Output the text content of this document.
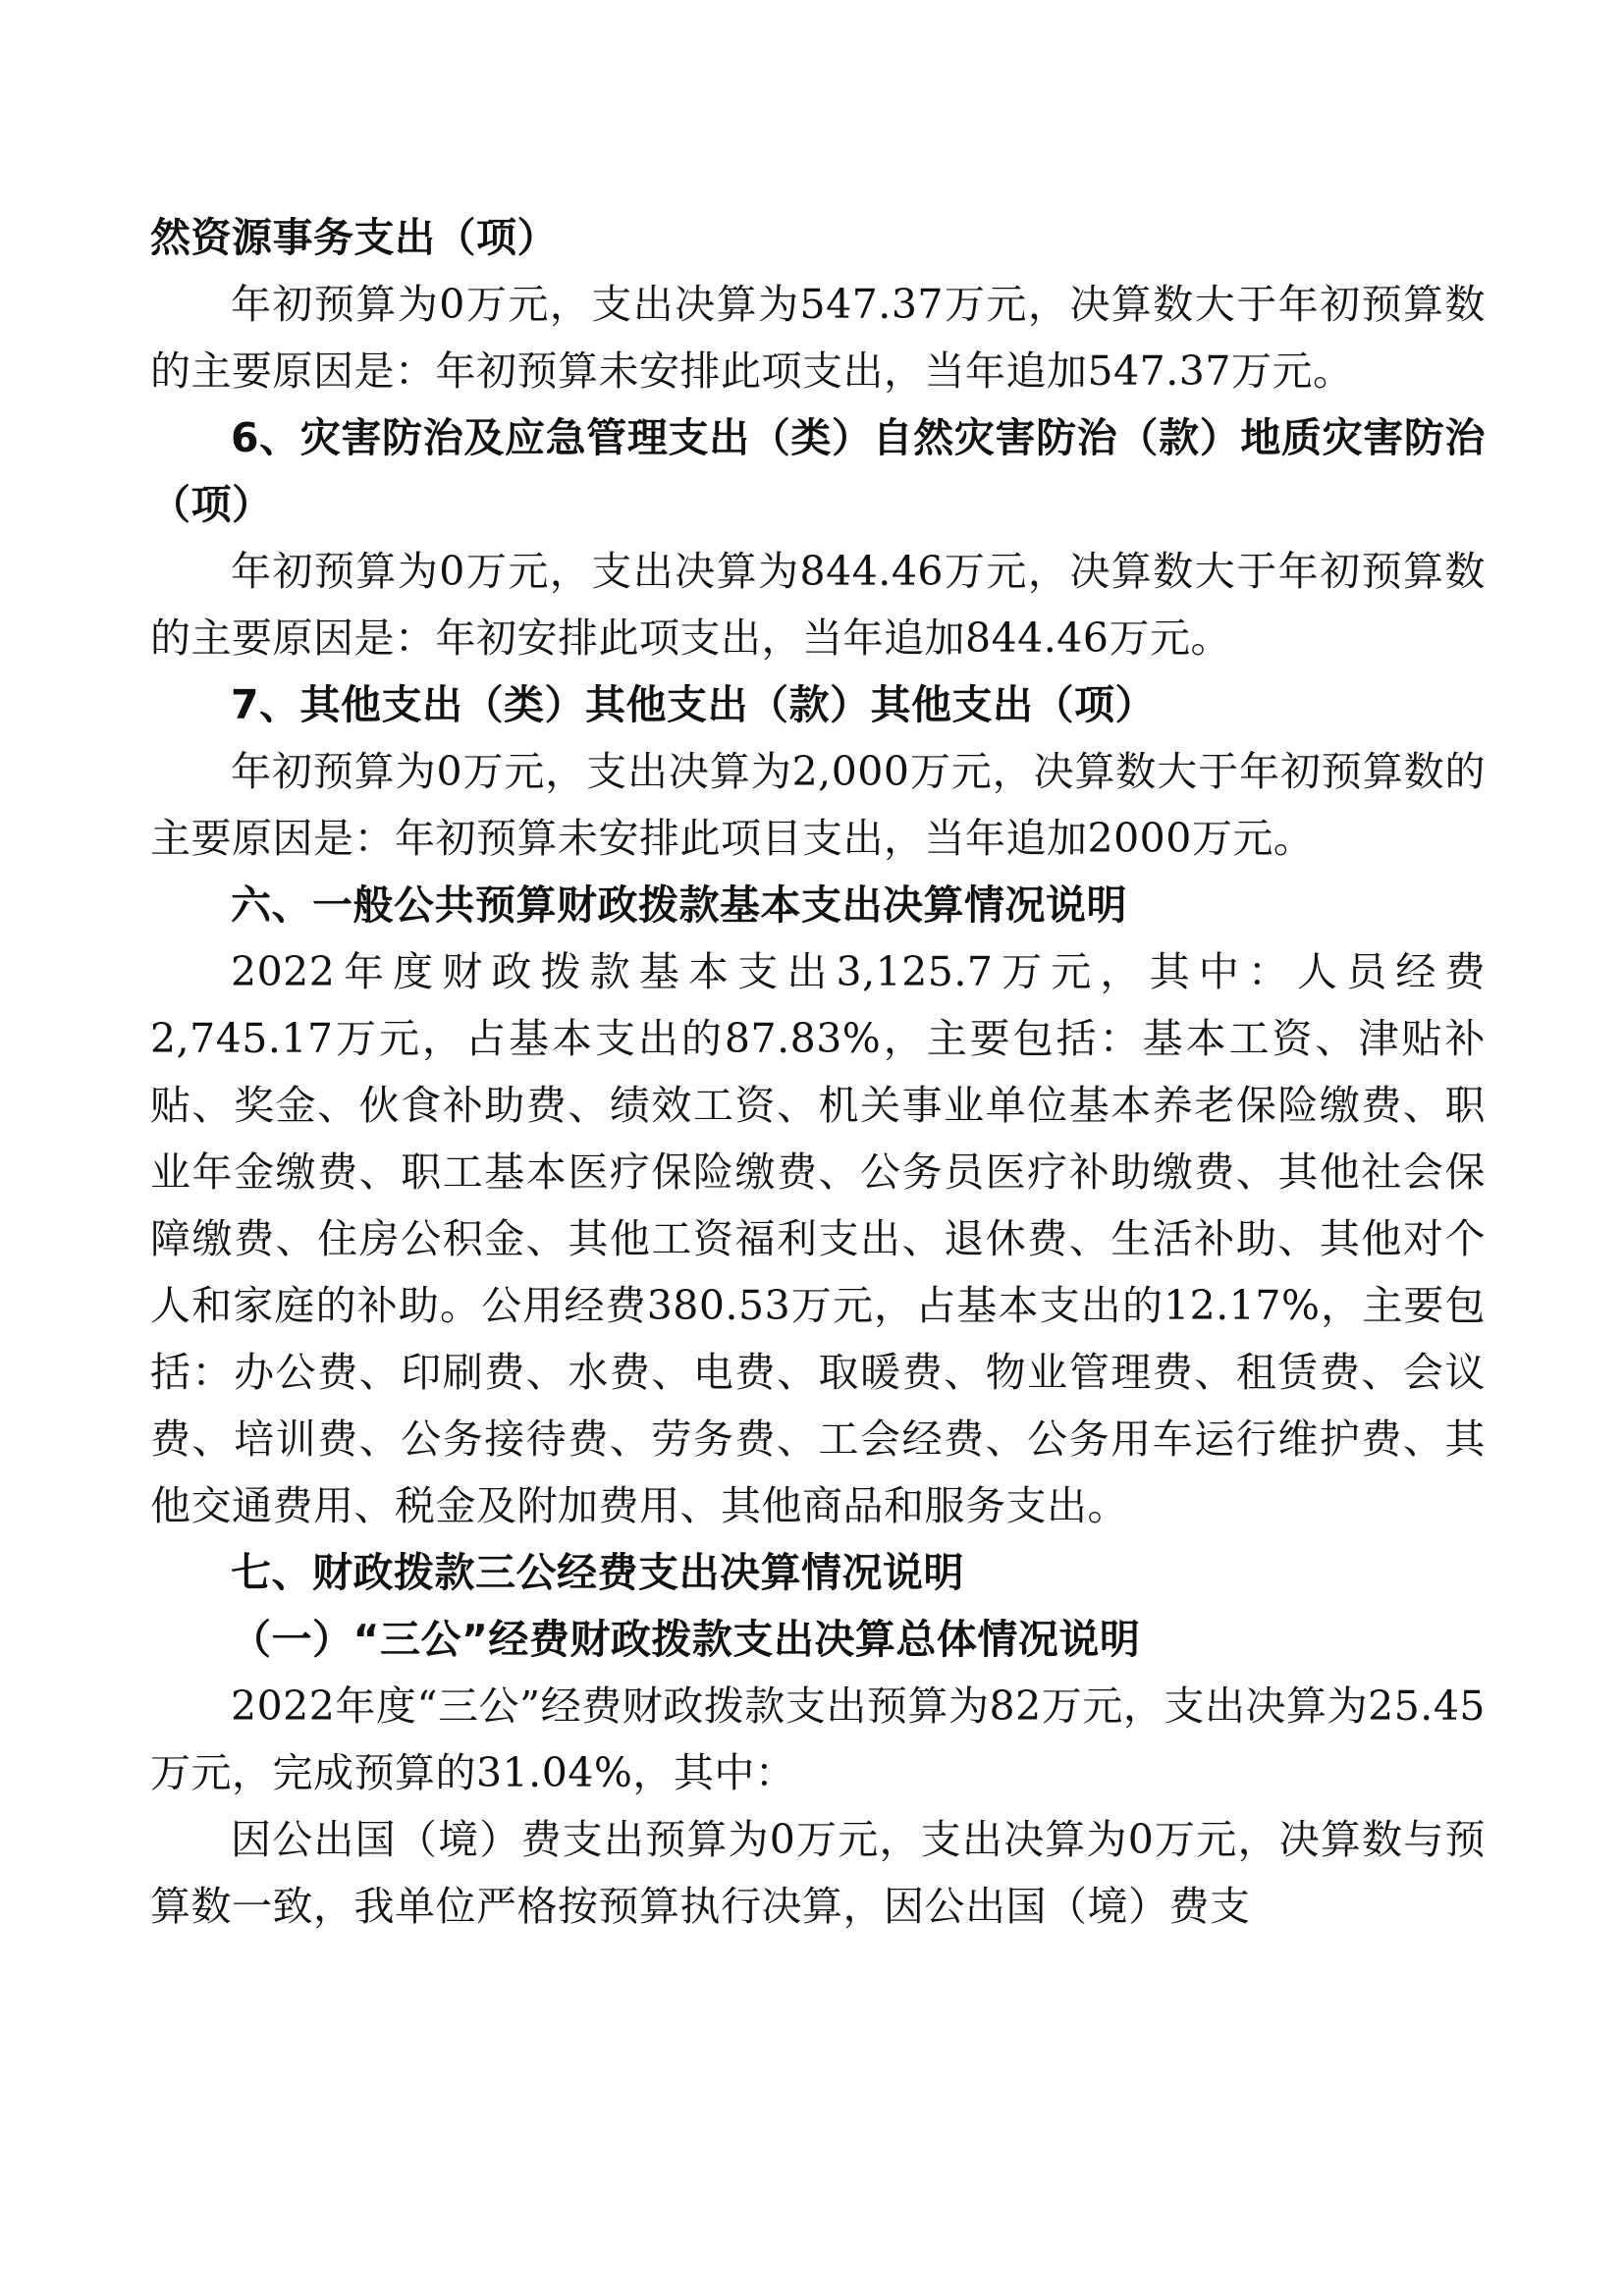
然资源事务支出（项）

年初预算为0万元，支出决算为547.37万元，决算数大于年初预算数的主要原因是：年初预算未安排此项支出，当年追加547.37万元。

6、灾害防治及应急管理支出（类）自然灾害防治（款）地质灾害防治（项）

年初预算为0万元，支出决算为844.46万元，决算数大于年初预算数的主要原因是：年初安排此项支出，当年追加844.46万元。

7、其他支出（类）其他支出（款）其他支出（项）

年初预算为0万元，支出决算为2,000万元，决算数大于年初预算数的主要原因是：年初预算未安排此项目支出，当年追加2000万元。

六、一般公共预算财政拨款基本支出决算情况说明

2022年度财政拨款基本支出3,125.7万元，其中：人员经费2,745.17万元，占基本支出的87.83%，主要包括：基本工资、津贴补贴、奖金、伙食补助费、绩效工资、机关事业单位基本养老保险缴费、职业年金缴费、职工基本医疗保险缴费、公务员医疗补助缴费、其他社会保障缴费、住房公积金、其他工资福利支出、退休费、生活补助、其他对个人和家庭的补助。公用经费380.53万元，占基本支出的12.17%，主要包括：办公费、印刷费、水费、电费、取暖费、物业管理费、租赁费、会议费、培训费、公务接待费、劳务费、工会经费、公务用车运行维护费、其他交通费用、税金及附加费用、其他商品和服务支出。

七、财政拨款三公经费支出决算情况说明

（一）“三公”经费财政拨款支出决算总体情况说明

2022年度“三公”经费财政拨款支出预算为82万元，支出决算为25.45万元，完成预算的31.04%，其中：

因公出国（境）费支出预算为0万元，支出决算为0万元，决算数与预算数一致，我单位严格按预算执行决算，因公出国（境）费支
